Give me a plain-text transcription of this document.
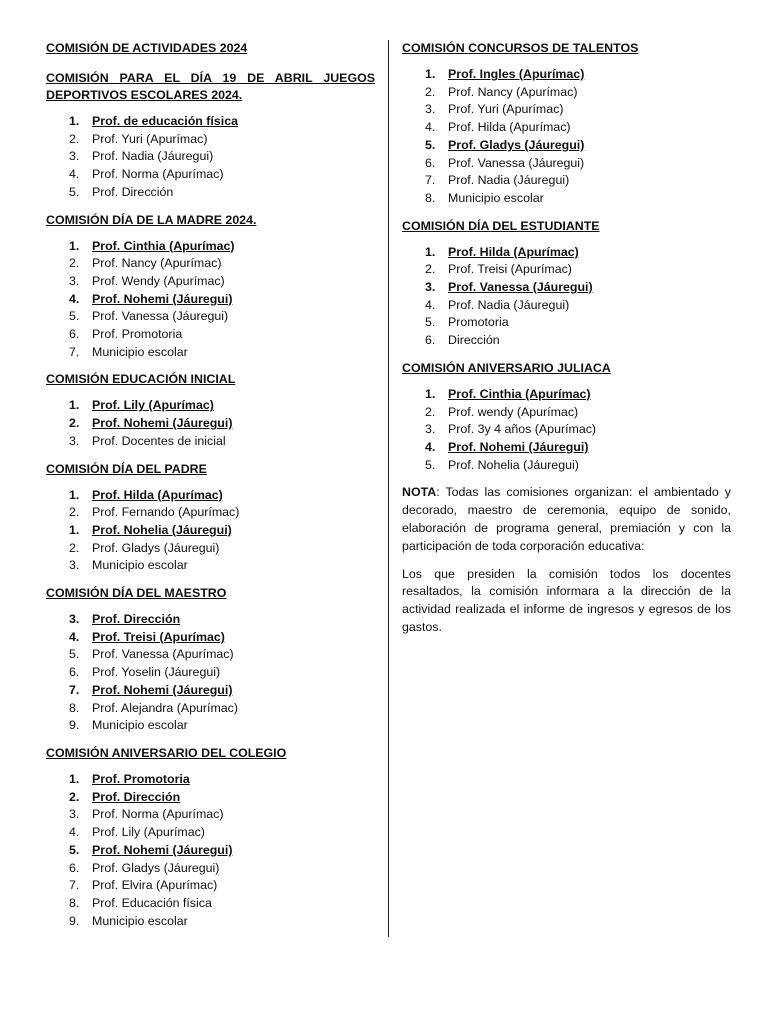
COMISIÓN DE ACTIVIDADES 2024
COMISIÓN PARA EL DÍA 19 DE ABRIL JUEGOS DEPORTIVOS ESCOLARES 2024.
1. Prof. de educación física
2. Prof. Yuri (Apurímac)
3. Prof. Nadia (Jáuregui)
4. Prof. Norma (Apurímac)
5. Prof. Dirección
COMISIÓN DÍA DE LA MADRE 2024.
1. Prof. Cinthia (Apurímac)
2. Prof. Nancy (Apurímac)
3. Prof. Wendy (Apurímac)
4. Prof. Nohemi (Jáuregui)
5. Prof. Vanessa (Jáuregui)
6. Prof. Promotoria
7. Municipio escolar
COMISIÓN EDUCACIÓN INICIAL
1. Prof. Lily (Apurímac)
2. Prof. Nohemi (Jáuregui)
3. Prof. Docentes de inicial
COMISIÓN DÍA DEL PADRE
1. Prof. Hilda (Apurímac)
2. Prof. Fernando (Apurímac)
1. Prof. Nohelia (Jáuregui)
2. Prof. Gladys (Jáuregui)
3. Municipio escolar
COMISIÓN DÍA DEL MAESTRO
3. Prof. Dirección
4. Prof. Treisi (Apurímac)
5. Prof. Vanessa (Apurímac)
6. Prof. Yoselin (Jáuregui)
7. Prof. Nohemi (Jáuregui)
8. Prof. Alejandra (Apurímac)
9. Municipio escolar
COMISIÓN ANIVERSARIO DEL COLEGIO
1. Prof. Promotoria
2. Prof. Dirección
3. Prof. Norma (Apurímac)
4. Prof. Lily (Apurímac)
5. Prof. Nohemi (Jáuregui)
6. Prof. Gladys (Jáuregui)
7. Prof. Elvira (Apurímac)
8. Prof. Educación física
9. Municipio escolar
COMISIÓN CONCURSOS DE TALENTOS
1. Prof. Ingles (Apurímac)
2. Prof. Nancy (Apurímac)
3. Prof. Yuri (Apurímac)
4. Prof. Hilda (Apurímac)
5. Prof. Gladys (Jáuregui)
6. Prof. Vanessa (Jáuregui)
7. Prof. Nadia (Jáuregui)
8. Municipio escolar
COMISIÓN DÍA DEL ESTUDIANTE
1. Prof. Hilda (Apurímac)
2. Prof. Treisi (Apurímac)
3. Prof. Vanessa (Jáuregui)
4. Prof. Nadia (Jáuregui)
5. Promotoria
6. Dirección
COMISIÓN ANIVERSARIO JULIACA
1. Prof. Cinthia (Apurímac)
2. Prof. wendy (Apurímac)
3. Prof. 3y 4 años (Apurímac)
4. Prof. Nohemi (Jáuregui)
5. Prof. Nohelia (Jáuregui)

NOTA: Todas las comisiones organizan: el ambientado y decorado, maestro de ceremonia, equipo de sonido, elaboración de programa general, premiación y con la participación de toda corporación educativa:

Los que presiden la comisión todos los docentes resaltados, la comisión informara a la dirección de la actividad realizada el informe de ingresos y egresos de los gastos.
